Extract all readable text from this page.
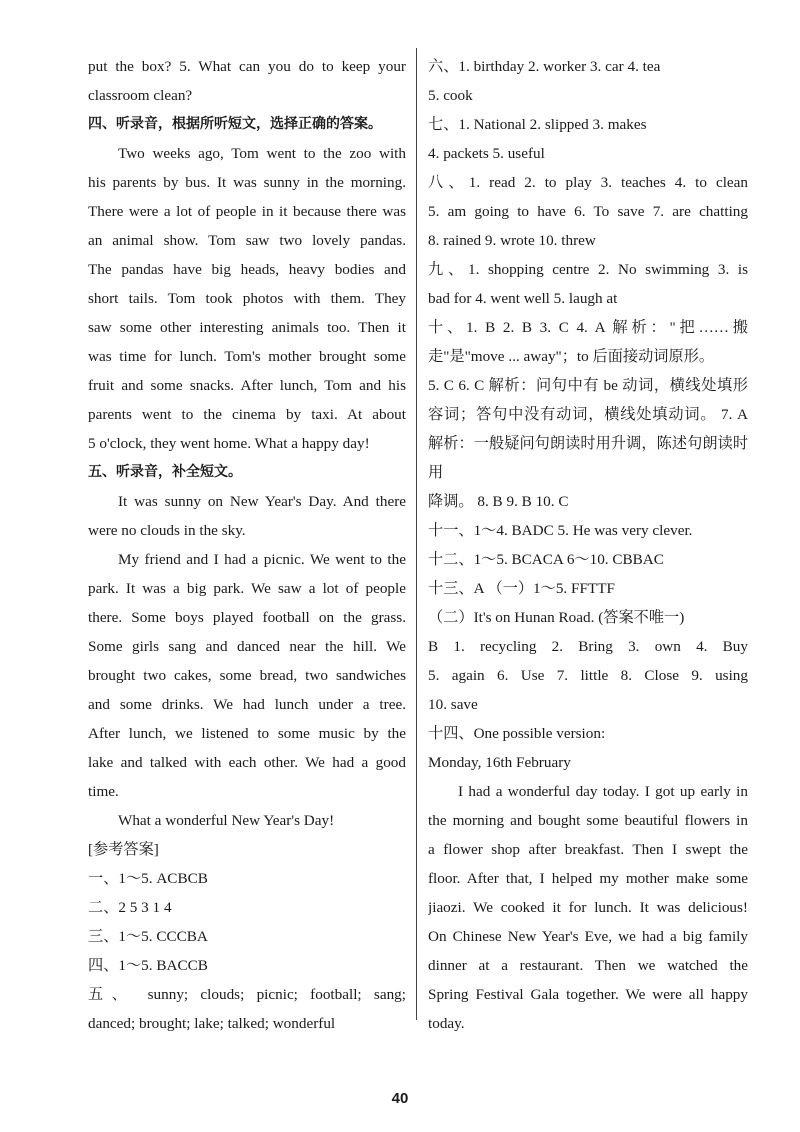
put the box? 5. What can you do to keep your
classroom clean?
四、听录音，根据所听短文，选择正确的答案。
Two weeks ago, Tom went to the zoo with
his parents by bus. It was sunny in the morning.
There were a lot of people in it because there was
an animal show. Tom saw two lovely pandas.
The pandas have big heads, heavy bodies and
short tails. Tom took photos with them. They
saw some other interesting animals too. Then it
was time for lunch. Tom's mother brought some
fruit and some snacks. After lunch, Tom and his
parents went to the cinema by taxi. At about
5 o'clock, they went home. What a happy day!
五、听录音，补全短文。
It was sunny on New Year's Day. And there
were no clouds in the sky.
My friend and I had a picnic. We went to the
park. It was a big park. We saw a lot of people
there. Some boys played football on the grass.
Some girls sang and danced near the hill. We
brought two cakes, some bread, two sandwiches
and some drinks. We had lunch under a tree.
After lunch, we listened to some music by the
lake and talked with each other. We had a good
time.
What a wonderful New Year's Day!
[参考答案]
一、1～5. ACBCB
二、2 5 3 1 4
三、1～5. CCCBA
四、1～5. BACCB
五、 sunny; clouds; picnic; football; sang;
danced; brought; lake; talked; wonderful
六、1. birthday 2. worker 3. car 4. tea
5. cook
七、1. National 2. slipped 3. makes
4. packets 5. useful
八、1. read 2. to play 3. teaches 4. to clean
5. am going to have 6. To save 7. are chatting
8. rained 9. wrote 10. threw
九、1. shopping centre 2. No swimming 3. is
bad for 4. went well 5. laugh at
十、1. B 2. B 3. C 4. A 解析："把……搬
走"是"move ... away"；to 后面接动词原形。
5. C 6. C 解析：问句中有 be 动词，横线处填形
容词；答句中没有动词，横线处填动词。 7. A
解析：一般疑问句朗读时用升调，陈述句朗读时用
降调。 8. B 9. B 10. C
十一、1～4. BADC 5. He was very clever.
十二、1～5. BCACA 6～10. CBBAC
十三、A （一）1～5. FFTTF
（二）It's on Hunan Road. (答案不唯一)
B 1. recycling 2. Bring 3. own 4. Buy
5. again 6. Use 7. little 8. Close 9. using
10. save
十四、One possible version:
Monday, 16th February
I had a wonderful day today. I got up early in
the morning and bought some beautiful flowers in
a flower shop after breakfast. Then I swept the
floor. After that, I helped my mother make some
jiaozi. We cooked it for lunch. It was delicious!
On Chinese New Year's Eve, we had a big family
dinner at a restaurant. Then we watched the
Spring Festival Gala together. We were all happy
today.
40
